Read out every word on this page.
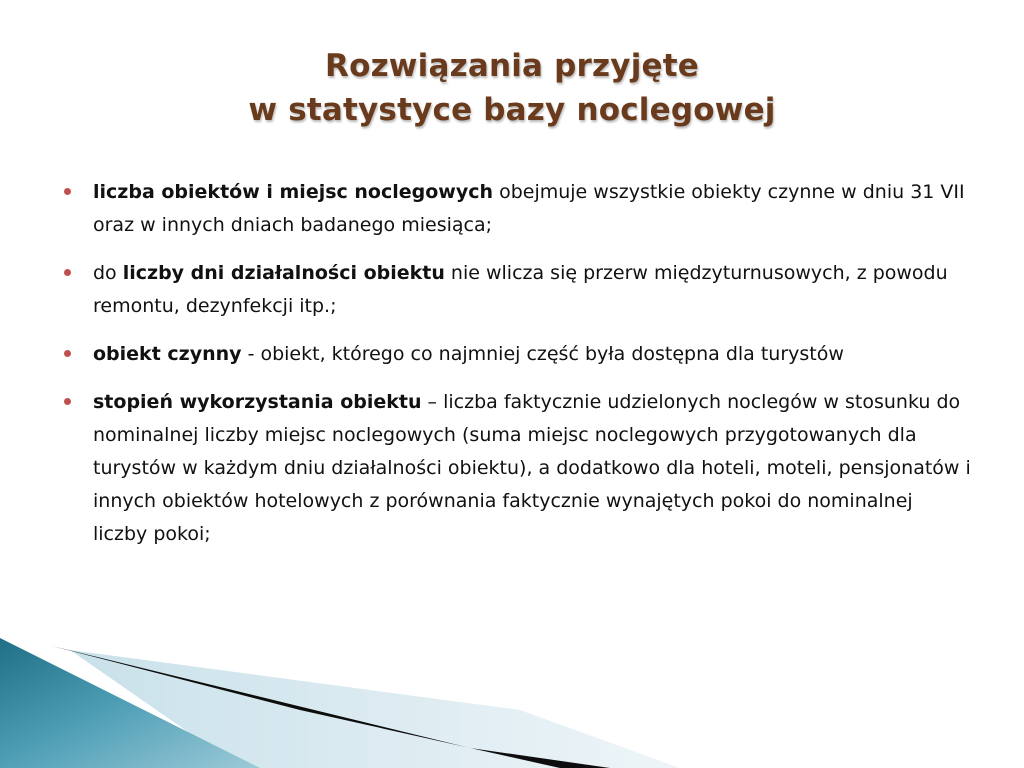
Rozwiązania przyjęte
w statystyce bazy noclegowej
liczba obiektów i miejsc noclegowych obejmuje wszystkie obiekty czynne w dniu 31 VII oraz w innych dniach badanego miesiąca;
do liczby dni działalności obiektu nie wlicza się przerw międzyturnusowych, z powodu remontu, dezynfekcji itp.;
obiekt czynny - obiekt, którego co najmniej część była dostępna dla turystów
stopień wykorzystania obiektu – liczba faktycznie udzielonych noclegów w stosunku do nominalnej liczby miejsc noclegowych (suma miejsc noclegowych przygotowanych dla turystów w każdym dniu działalności obiektu), a dodatkowo dla hoteli, moteli, pensjonatów i innych obiektów hotelowych z porównania faktycznie wynajętych pokoi do nominalnej liczby pokoi;
